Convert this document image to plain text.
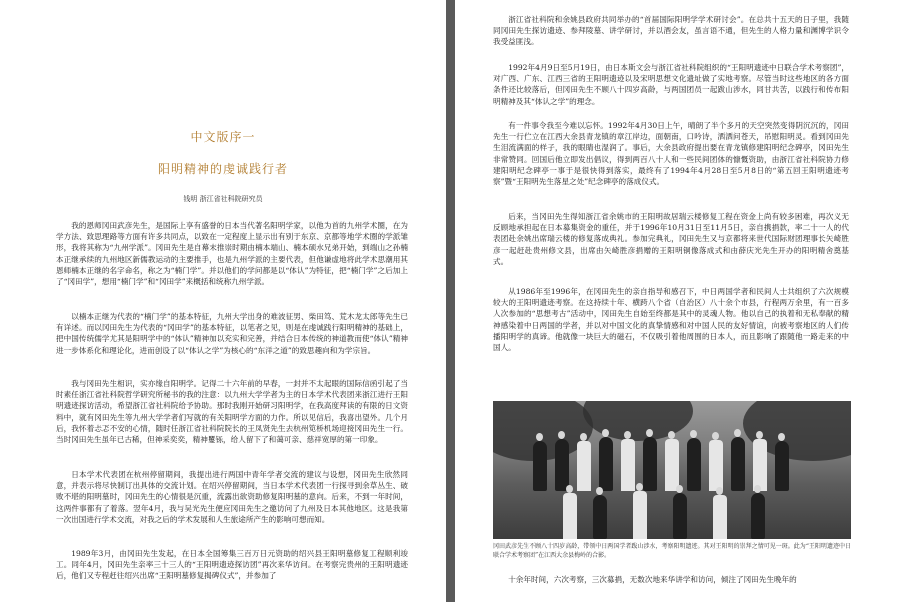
中文版序一
阳明精神的虔诚践行者
钱明 浙江省社科院研究员

我的恩师冈田武彦先生，是国际上享有盛誉的日本当代著名阳明学家，以他为首的九州学术圈，在为学方法、致思理路等方面有许多共同点，以致在一定程度上显示出有别于东京、京都等地学术圈的学派雏形，我将其称为“九州学派”。冈田先生是自幕末推崇时期由楠本端山、楠本硕水兄弟开始，到端山之孙楠本正继承续的九州地区新儒教运动的主要推手，也是九州学派的主要代表，但他谦虚地将此学术思潮用其恩师楠本正继的名字命名，称之为“楠门学”。并以他们的学问都是以“体认”为特征，把“楠门学”之后加上了“冈田学”，想用“楠门学”和“冈田学”来概括和统称九州学派。

以楠本正继为代表的“楠门学”的基本特征，九州大学出身的难波征男、柴田笃、荒木龙太郎等先生已有详述。而以冈田先生为代表的“冈田学”的基本特征，以笔者之见，则是在虔诚践行阳明精神的基础上，把中国传统儒学尤其是阳明学中的“体认”精神加以充实和完善，并结合日本传统的神道教而使“体认”精神进一步体系化和理论化，进而创设了以“体认之学”为核心的“东洋之道”的致思趣向和为学宗旨。

我与冈田先生相识，实亦缘自阳明学。记得二十六年前的早春，一封并不太起眼的国际信函引起了当时素任浙江省社科院哲学研究所秘书的我的注意：以九州大学学者为主的日本学术代表团来浙江进行王阳明遗迹探访活动，希望浙江省社科院给予协助。那时我刚开始研习阳明学，在我高度拜读的有限的日文资料中，就有冈田先生等九州大学学者们写就的有关阳明学方面的力作。所以见信后，我喜出望外。几个月后，我怀着忐忑不安的心情，随时任浙江省社科院院长的王凤贤先生去杭州笕桥机场迎接冈田先生一行。当时冈田先生虽年已古稀，但神采奕奕，精神矍铄，给人留下了和蔼可亲、慈祥宽厚的第一印象。

日本学术代表团在杭州停留期间，我提出进行两国中青年学者交流的建议与设想，冈田先生欣然同意，并表示将尽快制订出具体的交流计划。在绍兴停留期间，当日本学术代表团一行探寻到余草丛生、破败不堪的阳明墓时，冈田先生的心情很是沉重，流露出欲资助修复阳明墓的意向。后来，不到一年时间，这两件事都有了着落。翌年4月，我与吴光先生便应冈田先生之邀访问了九州及日本其他地区。这是我第一次出国进行学术交流，对我之后的学术发展和人生旅途所产生的影响可想而知。

1989年3月，由冈田先生发起，在日本全国筹集三百万日元资助的绍兴县王阳明墓修复工程顺利竣工。同年4月，冈田先生亲率三十三人的“王阳明遗迹探访团”再次来华访问。在考察完贵州的王阳明遗迹后，他们又专程赶往绍兴出席“王阳明墓修复揭碑仪式”，并参加了

浙江省社科院和余姚县政府共同举办的“首届国际阳明学学术研讨会”。在总共十五天的日子里，我随同冈田先生探访遗迹、参拜陵墓、讲学研讨，并以酒会友，虽言语不通，但先生的人格力量和渊博学识令我受益匪浅。

1992年4月9日至5月19日，由日本斯文会与浙江省社科院组织的“王阳明遗迹中日联合学术考察团”，对广西、广东、江西三省的王阳明遗迹以及宋明思想文化遗址做了实地考察。尽管当时这些地区的各方面条件还比较落后，但冈田先生不顾八十四岁高龄，与两国团员一起跋山涉水，同甘共苦，以践行和传布阳明精神及其“体认之学”的理念。

有一件事令我至今难以忘怀。1992年4月30日上午，晴朗了半个多月的天空突然变得阴沉沉的，冈田先生一行伫立在江西大余县青龙镇的章江岸边，面朝南，口吟诗，洒洒问苍天，吊慰阳明灵。看到冈田先生泪流满面的样子，我的眼睛也湿润了。事后，大余县政府提出要在青龙镇修建阳明纪念碑亭，冈田先生非常赞同。回国后他立即发出倡议，得到两百八十人和一些民间团体的慷慨资助，由浙江省社科院协力修建阳明纪念碑亭一事于是很快得到落实，最终有了1994年4月28日至5月8日的“第五回王阳明遗迹考察”暨“王阳明先生落星之处”纪念碑亭的落成仪式。

后来，当冈田先生得知浙江省余姚市的王阳明故居瑞云楼修复工程在资金上尚有较多困难，再次义无反顾地承担起在日本募集资金的重任，并于1996年10月31日至11月5日，亲自携捐款，率二十一人的代表团赴余姚出席瑞云楼的修复落成典礼。参加完典礼，冈田先生又与京都将来世代国际财团理事长矢崎胜彦一起赶赴贵州修文县，出席由矢崎胜彦捐赠的王阳明铜像落成式和由薛庆光先生开办的阳明精舍奠基式。

从1986年至1996年，在冈田先生的亲自指导和感召下，中日两国学者和民间人士共组织了六次规模较大的王阳明遗迹考察。在这持续十年、横跨八个省（自治区）八十余个市县，行程两万余里，有一百多人次参加的“思想考古”活动中，冈田先生自始至终都是其中的灵魂人物。他以自己的执着和无私奉献的精神感染着中日两国的学者，并以对中国文化的真挚情感和对中国人民的友好情谊，向被考察地区的人们传播阳明学的真谛。他就像一块巨大的磁石，不仅吸引着他周围的日本人，而且影响了跟随他一路走来的中国人。

冈田武彦先生不顾八十四岁高龄，带领中日两国学者跋山涉水，考察阳明遗迹。其对王阳明的崇拜之情可见一斑。此为“王阳明遗迹中日联合学术考察团”在江西大余县梅岭的合影。

十余年时间，六次考察，三次募捐，无数次地来华讲学和访问，倾注了冈田先生晚年的
